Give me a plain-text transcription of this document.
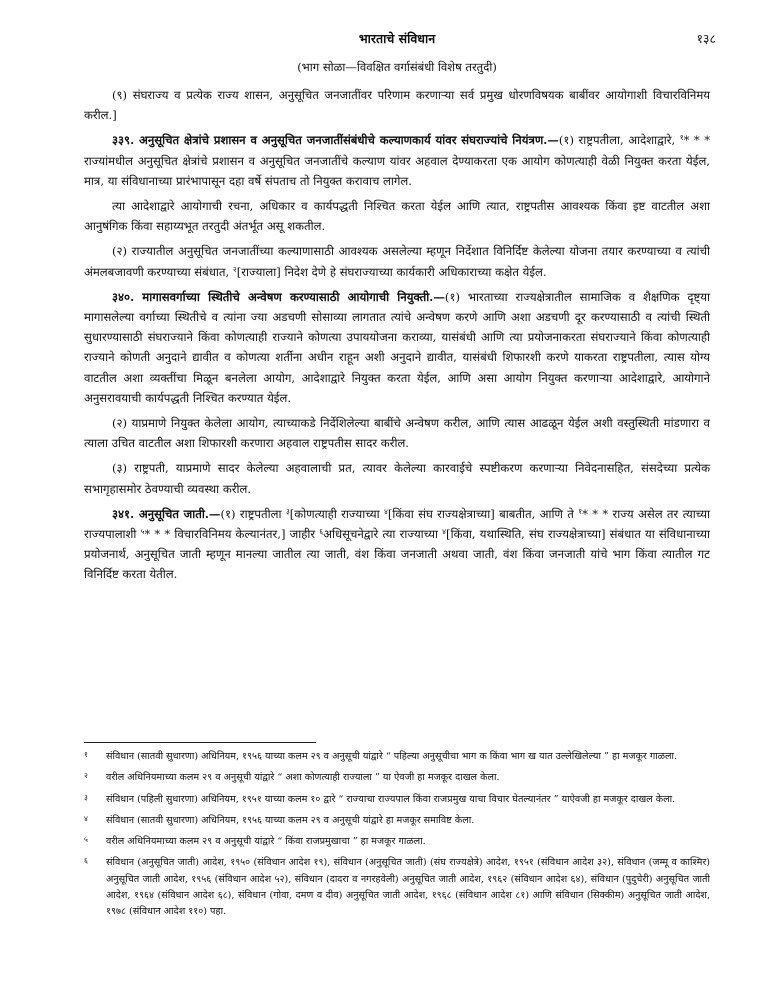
भारताचे संविधान	१३८
(भाग सोळा—विवक्षित वर्गासंबंधी विशेष तरतुदी)

(९) संघराज्य व प्रत्येक राज्य शासन, अनुसूचित जनजातींवर परिणाम करणाऱ्या सर्व प्रमुख धोरणविषयक बाबींवर आयोगाशी विचारविनिमय करील.]

३३९. अनुसूचित क्षेत्रांचे प्रशासन व अनुसूचित जनजातींसंबंधीचे कल्याणकार्य यांवर संघराज्यांचे नियंत्रण.—(१) राष्ट्रपतीला, आदेशाद्वारे, $^१$* * * राज्यांमधील अनुसूचित क्षेत्रांचे प्रशासन व अनुसूचित जनजातींचे कल्याण यांवर अहवाल देण्याकरता एक आयोग कोणत्याही वेळी नियुक्त करता येईल, मात्र, या संविधानाच्या प्रारंभापासून दहा वर्षे संपताच तो नियुक्त करावाच लागेल.

त्या आदेशाद्वारे आयोगाची रचना, अधिकार व कार्यपद्धती निश्चित करता येईल आणि त्यात, राष्ट्रपतीस आवश्यक किंवा इष्ट वाटतील अशा आनुषंगिक किंवा सहाय्यभूत तरतुदी अंतर्भूत असू शकतील.

(२) राज्यातील अनुसूचित जनजातींच्या कल्याणासाठी आवश्यक असलेल्या म्हणून निर्देशात विनिर्दिष्ट केलेल्या योजना तयार करण्याच्या व त्यांची अंमलबजावणी करण्याच्या संबंधात, $^२$[राज्याला] निदेश देणे हे संघराज्याच्या कार्यकारी अधिकाराच्या कक्षेत येईल.

३४०. मागासवर्गाच्या स्थितीचे अन्वेषण करण्यासाठी आयोगाची नियुक्ती.—(१) भारताच्या राज्यक्षेत्रातील सामाजिक व शैक्षणिक दृष्ट्या मागासलेल्या वर्गाच्या स्थितीचे व त्यांना ज्या अडचणी सोसाव्या लागतात त्यांचे अन्वेषण करणे आणि अशा अडचणी दूर करण्यासाठी व त्यांची स्थिती सुधारण्यासाठी संघराज्याने किंवा कोणत्याही राज्याने कोणत्या उपाययोजना कराव्या, यासंबंधी आणि त्या प्रयोजनाकरता संघराज्याने किंवा कोणत्याही राज्याने कोणती अनुदाने द्यावीत व कोणत्या शर्तीना अधीन राहून अशी अनुदाने द्यावीत, यासंबंधी शिफारशी करणे याकरता राष्ट्रपतीला, त्यास योग्य वाटतील अशा व्यक्तींचा मिळून बनलेला आयोग, आदेशाद्वारे नियुक्त करता येईल, आणि असा आयोग नियुक्त करणाऱ्या आदेशाद्वारे, आयोगाने अनुसरावयाची कार्यपद्धती निश्चित करण्यात येईल.

(२) याप्रमाणे नियुक्त केलेला आयोग, त्याच्याकडे निर्देशिलेल्या बाबींचे अन्वेषण करील, आणि त्यास आढळून येईल अशी वस्तुस्थिती मांडणारा व त्याला उचित वाटतील अशा शिफारशी करणारा अहवाल राष्ट्रपतीस सादर करील.

(३) राष्ट्रपती, याप्रमाणे सादर केलेल्या अहवालाची प्रत, त्यावर केलेल्या कारवाईचे स्पष्टीकरण करणाऱ्या निवेदनासहित, संसदेच्या प्रत्येक सभागृहासमोर ठेवण्याची व्यवस्था करील.

३४१. अनुसूचित जाती.—(१) राष्ट्रपतीला $^३$[कोणत्याही राज्याच्या $^४$[किंवा संघ राज्यक्षेत्राच्या] बाबतीत, आणि ते $^१$* * * राज्य असेल तर त्याच्या राज्यपालाशी $^५$* * * विचारविनिमय केल्यानंतर,] जाहीर $^६$अधिसूचनेद्वारे त्या राज्याच्या $^४$[किंवा, यथास्थिति, संघ राज्यक्षेत्राच्या] संबंधात या संविधानाच्या प्रयोजनार्थ, अनुसूचित जाती म्हणून मानल्या जातील त्या जाती, वंश किंवा जनजाती अथवा जाती, वंश किंवा जनजाती यांचे भाग किंवा त्यातील गट विनिर्दिष्ट करता येतील.

१	संविधान (सातवी सुधारणा) अधिनियम, १९५६ याच्या कलम २९ व अनुसूची यांद्वारे “ पहिल्या अनुसूचीचा भाग क किंवा भाग ख यात उल्लेखिलेल्या ” हा मजकूर गाळला.
२	वरील अधिनियमाच्या कलम २९ व अनुसूची यांद्वारे “ अशा कोणत्याही राज्याला ” या ऐवजी हा मजकूर दाखल केला.
३	संविधान (पहिली सुधारणा) अधिनियम, १९५१ याच्या कलम १० द्वारे “ राज्याचा राज्यपाल किंवा राजप्रमुख याचा विचार घेतल्यानंतर ” याऐवजी हा मजकूर दाखल केला.
४	संविधान (सातवी सुधारणा) अधिनियम, १९५६ याच्या कलम २९ व अनुसूची यांद्वारे हा मजकूर समाविष्ट केला.
५	वरील अधिनियमाच्या कलम २९ व अनुसूची यांद्वारे “ किंवा राजप्रमुखाचा ” हा मजकूर गाळला.
६	संविधान (अनुसूचित जाती) आदेश, १९५० (संविधान आदेश १९), संविधान (अनुसूचित जाती) (संघ राज्यक्षेत्रे) आदेश, १९५१ (संविधान आदेश ३२), संविधान (जम्मू व काश्मिर) अनुसूचित जाती आदेश, १९५६ (संविधान आदेश ५२), संविधान (दादरा व नगरहवेली) अनुसूचित जाती आदेश, १९६२ (संविधान आदेश ६४), संविधान (पुदुचेरी) अनुसूचित जाती आदेश, १९६४ (संविधान आदेश ६८), संविधान (गोवा, दमण व दीव) अनुसूचित जाती आदेश, १९६८ (संविधान आदेश ८१) आणि संविधान (सिक्कीम) अनुसूचित जाती आदेश, १९७८ (संविधान आदेश ११०) पहा.
